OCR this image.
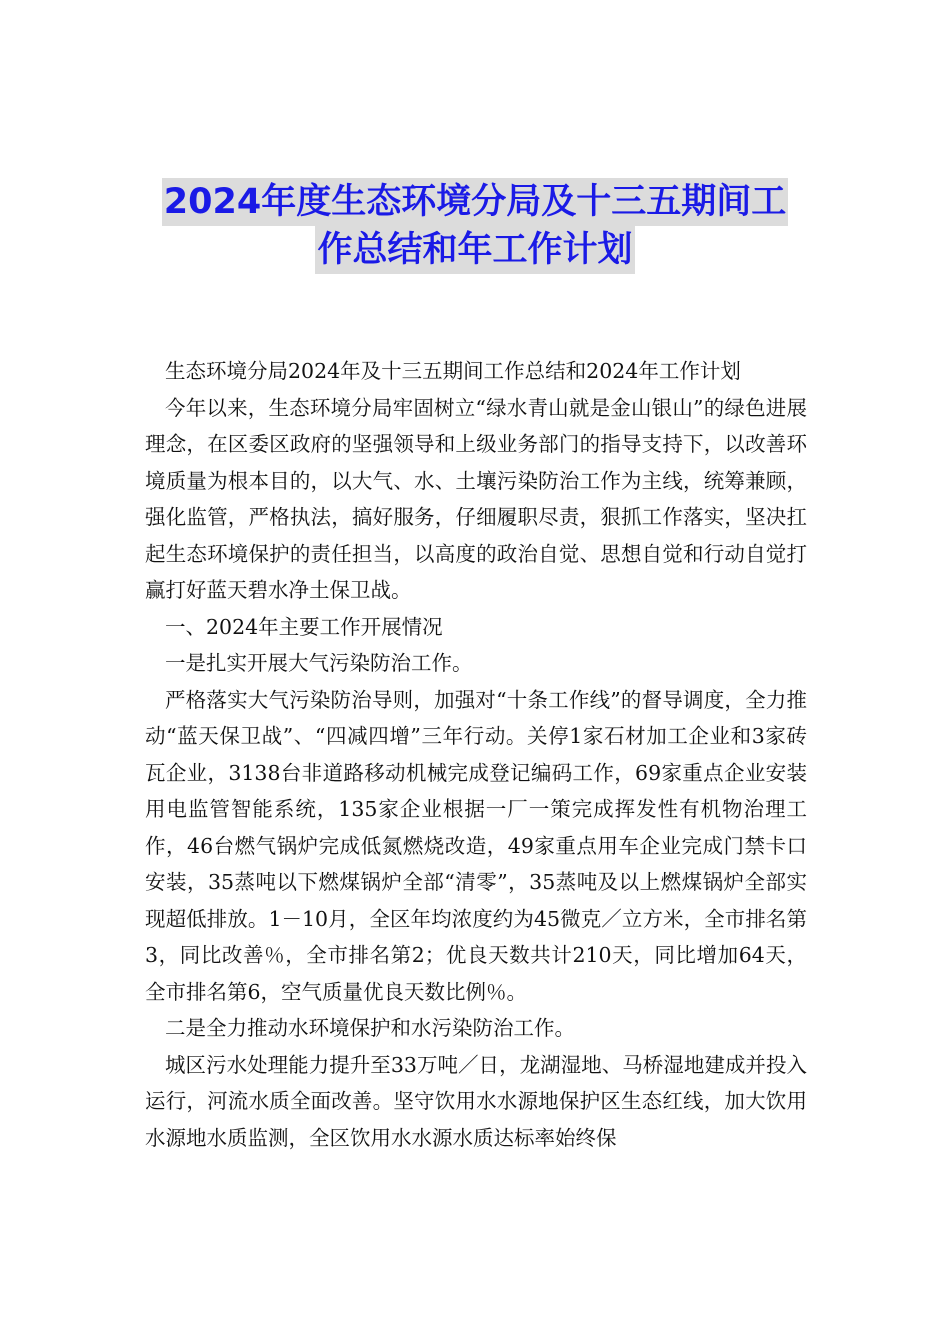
2024年度生态环境分局及十三五期间工
作总结和年工作计划

生态环境分局2024年及十三五期间工作总结和2024年工作计划

今年以来，生态环境分局牢固树立“绿水青山就是金山银山”的绿色进展理念，在区委区政府的坚强领导和上级业务部门的指导支持下，以改善环境质量为根本目的，以大气、水、土壤污染防治工作为主线，统筹兼顾，强化监管，严格执法，搞好服务，仔细履职尽责，狠抓工作落实，坚决扛起生态环境保护的责任担当，以高度的政治自觉、思想自觉和行动自觉打赢打好蓝天碧水净土保卫战。

一、2024年主要工作开展情况

一是扎实开展大气污染防治工作。

严格落实大气污染防治导则，加强对“十条工作线”的督导调度，全力推动“蓝天保卫战”、“四减四增”三年行动。关停1家石材加工企业和3家砖瓦企业，3138台非道路移动机械完成登记编码工作，69家重点企业安装用电监管智能系统，135家企业根据一厂一策完成挥发性有机物治理工作，46台燃气锅炉完成低氮燃烧改造，49家重点用车企业完成门禁卡口安装，35蒸吨以下燃煤锅炉全部“清零”，35蒸吨及以上燃煤锅炉全部实现超低排放。1－10月，全区年均浓度约为45微克／立方米，全市排名第3，同比改善％，全市排名第2；优良天数共计210天，同比增加64天，全市排名第6，空气质量优良天数比例％。

二是全力推动水环境保护和水污染防治工作。

城区污水处理能力提升至33万吨／日，龙湖湿地、马桥湿地建成并投入运行，河流水质全面改善。坚守饮用水水源地保护区生态红线，加大饮用水源地水质监测，全区饮用水水源水质达标率始终保
